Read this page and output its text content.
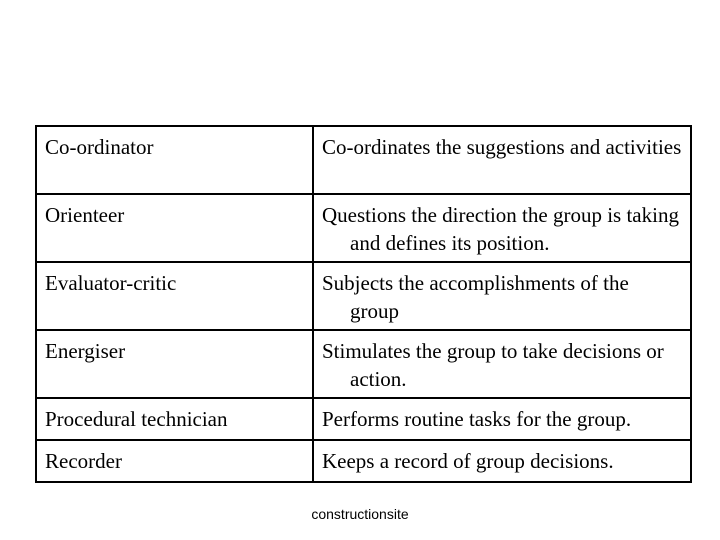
Co-ordinator	Co-ordinates the suggestions and activities
Orienteer	Questions the direction the group is taking and defines its position.
Evaluator-critic	Subjects the accomplishments of the group
Energiser	Stimulates the group to take decisions or action.
Procedural technician	Performs routine tasks for the group.
Recorder	Keeps a record of group decisions.
constructionsite
